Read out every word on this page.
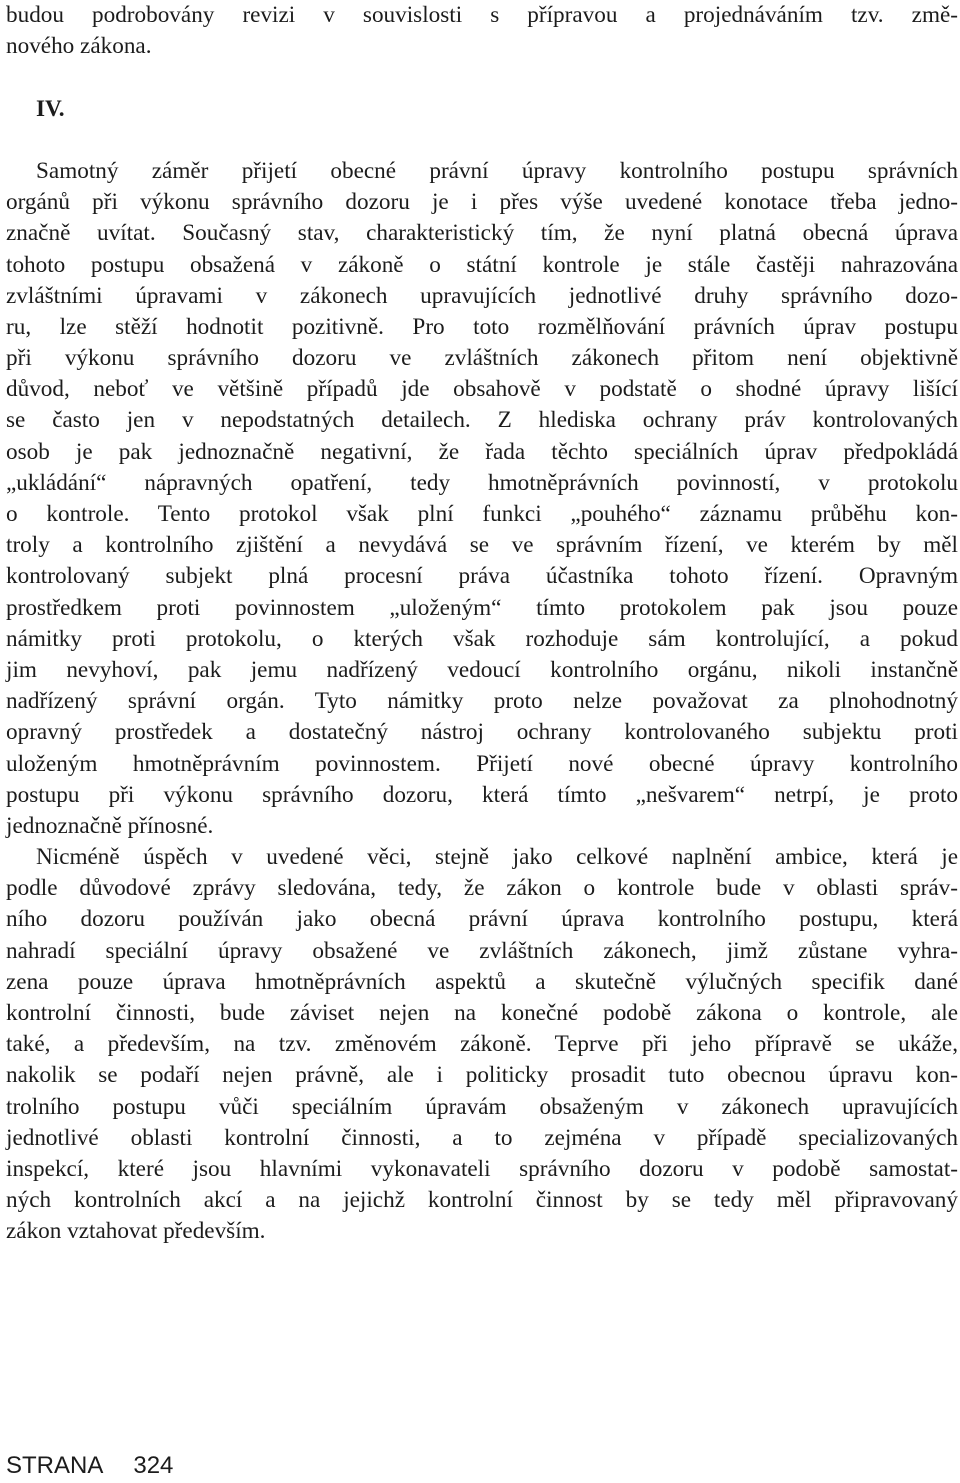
budou podrobovány revizi v souvislosti s přípravou a projednáváním tzv. změ-
nového zákona.
IV.
Samotný záměr přijetí obecné právní úpravy kontrolního postupu správních
orgánů při výkonu správního dozoru je i přes výše uvedené konotace třeba jedno-
značně uvítat. Současný stav, charakteristický tím, že nyní platná obecná úprava
tohoto postupu obsažená v zákoně o státní kontrole je stále častěji nahrazována
zvláštními úpravami v zákonech upravujících jednotlivé druhy správního dozo-
ru, lze stěží hodnotit pozitivně. Pro toto rozmělňování právních úprav postupu
při výkonu správního dozoru ve zvláštních zákonech přitom není objektivně
důvod, neboť ve většině případů jde obsahově v podstatě o shodné úpravy lišící
se často jen v nepodstatných detailech. Z hlediska ochrany práv kontrolovaných
osob je pak jednoznačně negativní, že řada těchto speciálních úprav předpokládá
„ukládání“ nápravných opatření, tedy hmotněprávních povinností, v protokolu
o kontrole. Tento protokol však plní funkci „pouhého“ záznamu průběhu kon-
troly a kontrolního zjištění a nevydává se ve správním řízení, ve kterém by měl
kontrolovaný subjekt plná procesní práva účastníka tohoto řízení. Opravným
prostředkem proti povinnostem „uloženým“ tímto protokolem pak jsou pouze
námitky proti protokolu, o kterých však rozhoduje sám kontrolující, a pokud
jim nevyhoví, pak jemu nadřízený vedoucí kontrolního orgánu, nikoli instančně
nadřízený správní orgán. Tyto námitky proto nelze považovat za plnohodnotný
opravný prostředek a dostatečný nástroj ochrany kontrolovaného subjektu proti
uloženým hmotněprávním povinnostem. Přijetí nové obecné úpravy kontrolního
postupu při výkonu správního dozoru, která tímto „nešvarem“ netrpí, je proto
jednoznačně přínosné.
Nicméně úspěch v uvedené věci, stejně jako celkové naplnění ambice, která je
podle důvodové zprávy sledována, tedy, že zákon o kontrole bude v oblasti správ-
ního dozoru používán jako obecná právní úprava kontrolního postupu, která
nahradí speciální úpravy obsažené ve zvláštních zákonech, jimž zůstane vyhra-
zena pouze úprava hmotněprávních aspektů a skutečně výlučných specifik dané
kontrolní činnosti, bude záviset nejen na konečné podobě zákona o kontrole, ale
také, a především, na tzv. změnovém zákoně. Teprve při jeho přípravě se ukáže,
nakolik se podaří nejen právně, ale i politicky prosadit tuto obecnou úpravu kon-
trolního postupu vůči speciálním úpravám obsaženým v zákonech upravujících
jednotlivé oblasti kontrolní činnosti, a to zejména v případě specializovaných
inspekcí, které jsou hlavními vykonavateli správního dozoru v podobě samostat-
ných kontrolních akcí a na jejichž kontrolní činnost by se tedy měl připravovaný
zákon vztahovat především.
STRANA 324
